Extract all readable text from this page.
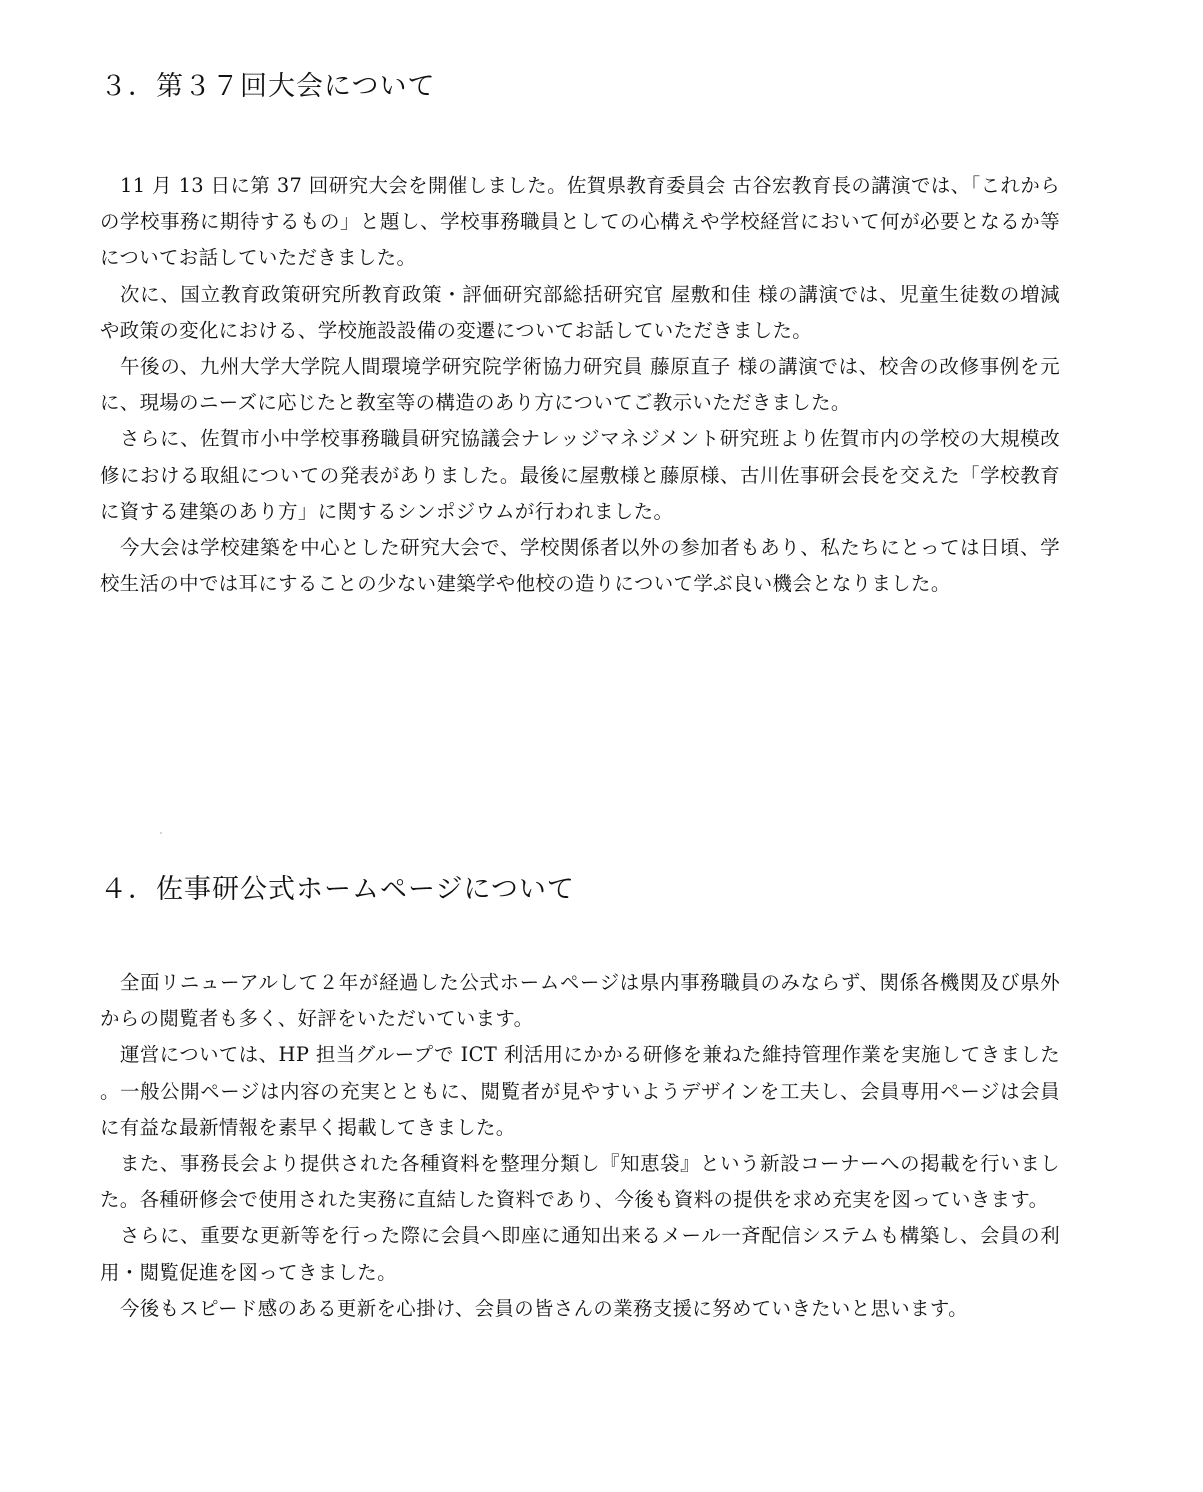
３．第３７回大会について

11 月 13 日に第 37 回研究大会を開催しました。佐賀県教育委員会 古谷宏教育長の講演では、「これからの学校事務に期待するもの」と題し、学校事務職員としての心構えや学校経営において何が必要となるか等についてお話していただきました。

次に、国立教育政策研究所教育政策・評価研究部総括研究官 屋敷和佳 様の講演では、児童生徒数の増減や政策の変化における、学校施設設備の変遷についてお話していただきました。

午後の、九州大学大学院人間環境学研究院学術協力研究員 藤原直子 様の講演では、校舎の改修事例を元に、現場のニーズに応じたと教室等の構造のあり方についてご教示いただきました。

さらに、佐賀市小中学校事務職員研究協議会ナレッジマネジメント研究班より佐賀市内の学校の大規模改修における取組についての発表がありました。最後に屋敷様と藤原様、古川佐事研会長を交えた「学校教育に資する建築のあり方」に関するシンポジウムが行われました。

今大会は学校建築を中心とした研究大会で、学校関係者以外の参加者もあり、私たちにとっては日頃、学校生活の中では耳にすることの少ない建築学や他校の造りについて学ぶ良い機会となりました。

４．佐事研公式ホームページについて

全面リニューアルして２年が経過した公式ホームページは県内事務職員のみならず、関係各機関及び県外からの閲覧者も多く、好評をいただいています。

運営については、HP 担当グループで ICT 利活用にかかる研修を兼ねた維持管理作業を実施してきました。一般公開ページは内容の充実とともに、閲覧者が見やすいようデザインを工夫し、会員専用ページは会員に有益な最新情報を素早く掲載してきました。

また、事務長会より提供された各種資料を整理分類し『知恵袋』という新設コーナーへの掲載を行いました。各種研修会で使用された実務に直結した資料であり、今後も資料の提供を求め充実を図っていきます。

さらに、重要な更新等を行った際に会員へ即座に通知出来るメール一斉配信システムも構築し、会員の利用・閲覧促進を図ってきました。

今後もスピード感のある更新を心掛け、会員の皆さんの業務支援に努めていきたいと思います。
